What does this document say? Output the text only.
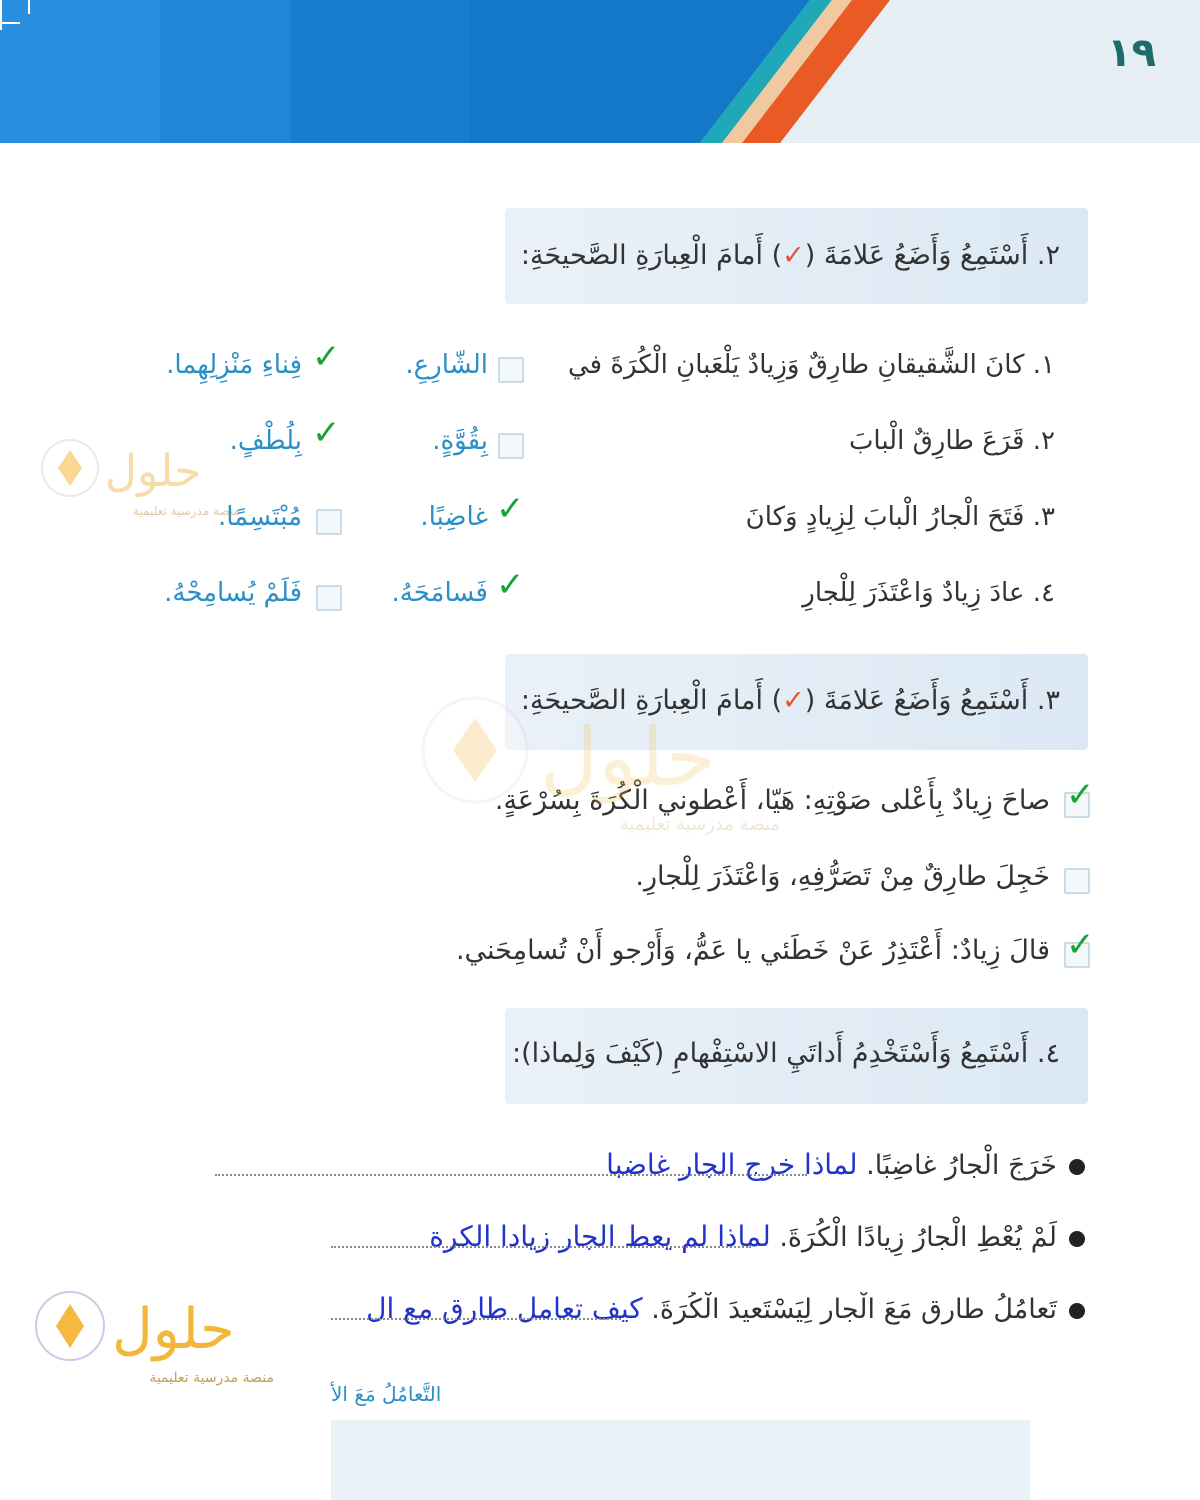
١٩
٢. أَسْتَمِعُ وَأَضَعُ عَلامَةَ (✓) أَمامَ الْعِبارَةِ الصَّحيحَةِ:
١. كانَ الشَّقيقانِ طارِقٌ وَزِيادٌ يَلْعَبانِ الْكُرَةَ في
الشّارِعِ.
✓
فِناءِ مَنْزِلِهِما.
٢. قَرَعَ طارِقٌ الْبابَ
بِقُوَّةٍ.
✓
بِلُطْفٍ.
٣. فَتَحَ الْجارُ الْبابَ لِزِيادٍ وَكانَ
✓
غاضِبًا.
مُبْتَسِمًا.
٤. عادَ زِيادٌ وَاعْتَذَرَ لِلْجارِ
✓
فَسامَحَهُ.
فَلَمْ يُسامِحْهُ.
٣. أَسْتَمِعُ وَأَضَعُ عَلامَةَ (✓) أَمامَ الْعِبارَةِ الصَّحيحَةِ:
✓
صاحَ زِيادٌ بِأَعْلى صَوْتِهِ: هَيّا، أَعْطوني الْكُرَةَ بِسُرْعَةٍ.
خَجِلَ طارِقٌ مِنْ تَصَرُّفِهِ، وَاعْتَذَرَ لِلْجارِ.
✓
قالَ زِيادٌ: أَعْتَذِرُ عَنْ خَطَئي يا عَمُّ، وَأَرْجو أَنْ تُسامِحَني.
٤. أَسْتَمِعُ وَأَسْتَخْدِمُ أَداتَيِ الاسْتِفْهامِ (كَيْفَ وَلِماذا):
خَرَجَ الْجارُ غاضِبًا. لماذا خرج الجار غاضبا
لَمْ يُعْطِ الْجارُ زِيادًا الْكُرَةَ. لماذا لم يعط الجار زيادا الكرة
تَعامُلُ طارِقٍ مَعَ الْجارِ لِيَسْتَعيدَ الْكُرَةَ. كيف تعامل طارق مع ال
التَّعامُلُ مَعَ الأ
حلول
منصة مدرسية تعليمية
حلول
منصة مدرسية تعليمية
حلول
منصة مدرسية تعليمية
